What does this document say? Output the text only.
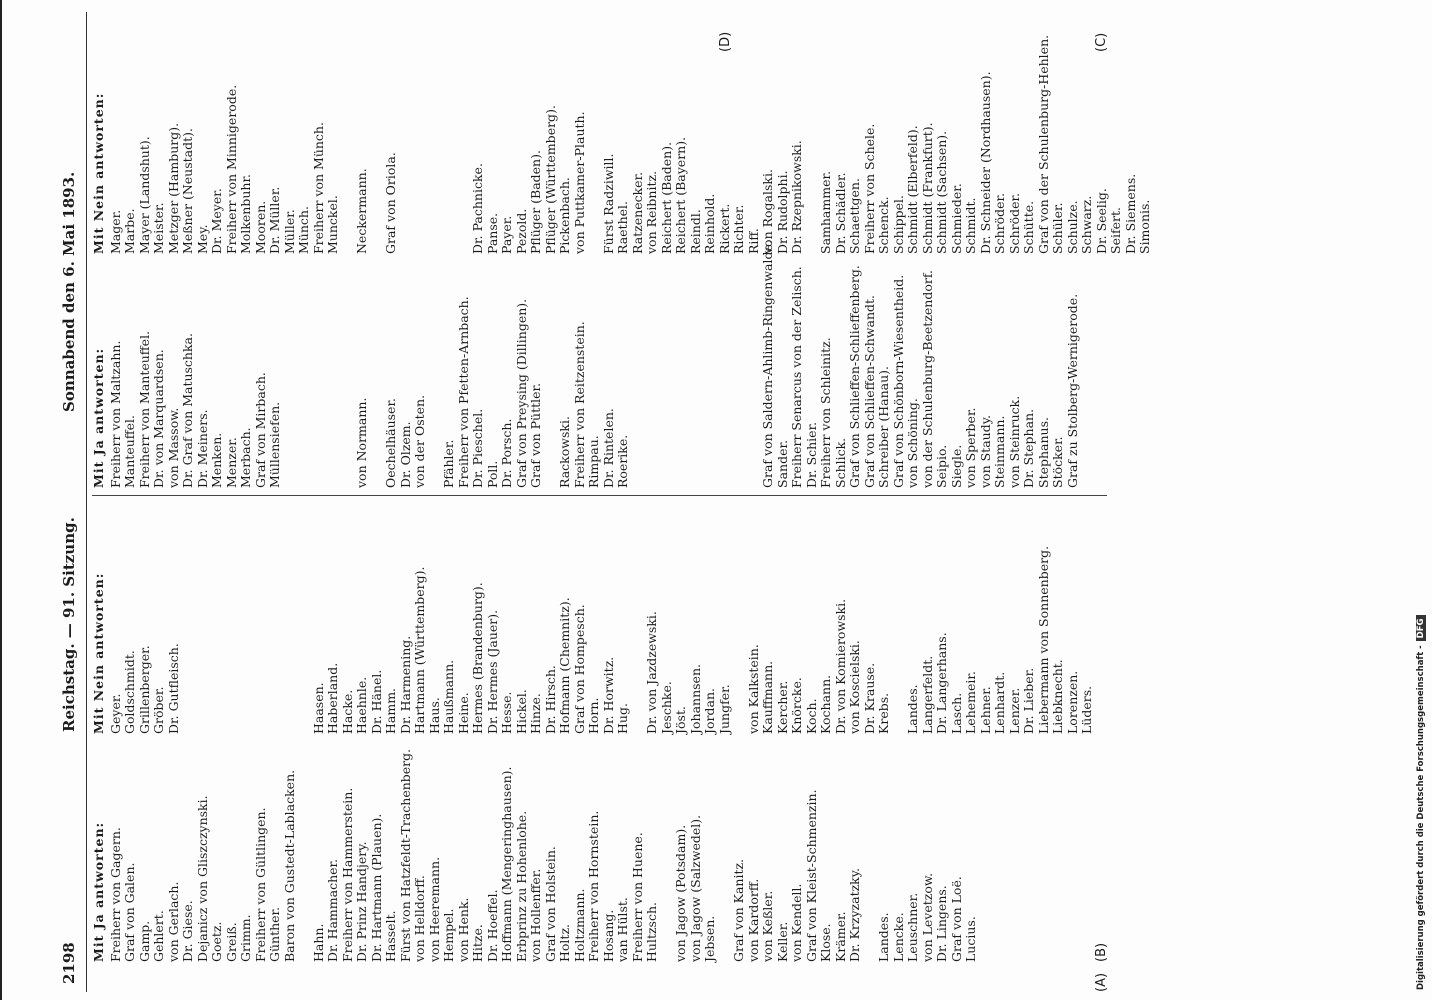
2198
Reichstag. — 91. Sitzung.
Sonnabend den 6. Mai 1893.
Mit Ja antworten: Freiherr von Gagern. Graf von Galen. Gamp. Gehlert. von Gerlach. Dr. Giese. Dejanicz von Gliszczynski. Goetz. Greiß. Grimm. Freiherr von Gültlingen. Günther. Baron von Gustedt-Lablacken. Hahn. Dr. Hammacher. Freiherr von Hammerstein. Dr. Prinz Handjery. Dr. Hartmann (Plauen). Hasselt. Fürst von Hatzfeldt-Trachenberg. von Helldorff. von Heeremann. Hempel. von Henk. Hitze. Dr. Hoeffel. Hoffmann (Mengeringhausen). Erbprinz zu Hohenlohe. von Hollenffer. Graf von Holstein. Holtz. Holtzmann. Freiherr von Hornstein. Hosang. van Hülst. Freiherr von Huene. Hultzsch. von Jagow (Potsdam). von Jagow (Salzwedel). Jebsen. Graf von Kanitz. von Kardorff. von Keßler. Keller. von Kendell. Graf von Kleist-Schmenzin. Klose. Krämer. Dr. Krzyzatzky. Landes. Lencke. Leuschner. von Levetzow. Dr. Lingens. Graf von Loë. Lucius.
Mit Nein antworten: Geyer. Goldschmidt. Grillenberger. Gröber. Dr. Gutfleisch.	Haasen. Haberland. Hacke. Haehnle. Dr. Hänel. Hamm. Dr. Harmening. Hartmann (Württemberg). Haus. Haußmann. Heine. Hermes (Brandenburg). Dr. Hermes (Jauer). Hesse. Hickel. Hinze. Dr. Hirsch. Hofmann (Chemnitz). Graf von Hompesch. Horn. Dr. Horwitz. Hug. Dr. von Jazdzewski. Jeschke. Jöst. Johannsen. Jordan. Jungfer. von Kalkstein. Kauffmann. Kercher. Knörcke. Koch. Kochann. Dr. von Komierowski. von Koscielski. Dr. Krause. Krebs. Landes. Langerfeldt. Dr. Langerhans. Lasch. Lehemeir. Lehner. Lenhardt. Lenzer. Dr. Lieber. Liebermann von Sonnenberg. Liebknecht. Lorenzen. Lüders.
Mit Ja antworten: Freiherr von Maltzahn. Manteuffel. Freiherr von Manteuffel. Dr. von Marquardsen. von Massow. Dr. Graf von Matuschka. Dr. Meiners. Menken. Menzer. Merbach. Graf von Mirbach. Müllensiefen.	von Normann. Oechelhäuser. Dr. Olzem. von der Osten. Pfähler. Freiherr von Pfetten-Arnbach. Dr. Pieschel. Poll. Dr. Porsch. Graf von Preysing (Dillingen). Graf von Püttler. Rackowski. Freiherr von Reitzenstein. Rimpau. Dr. Rintelen. Roerike.	Graf von Saldern-Ahlimb-Ringenwalde. Sander. Freiherr Senarcus von der Zelisch. Dr. Schier. Freiherr von Schleinitz. Schlick. Graf von Schlieffen-Schlieffenberg. Graf von Schlieffen-Schwandt. Schreiber (Hanau). Graf von Schönborn-Wiesentheid. von Schöning. von der Schulenburg-Beetzendorf. Seipio. Siegle. von Sperber. von Staudy. Steinmann. von Steinruck. Dr. Stephan. Stephanus. Stöcker. Graf zu Stolberg-Wernigerode.
Mit Nein antworten: Mager. Marbe. Mayer (Landshut). Meister. Metzger (Hamburg). Meßner (Neustadt). Mey. Dr. Meyer. Freiherr von Minnigerode. Molkenbuhr. Mooren. Dr. Müller. Müller. Münch. Freiherr von Münch. Munckel. Neckermann. Graf von Oriola.	Dr. Pachnicke. Panse. Payer. Pezold. Pflüger (Baden). Pflüger (Württemberg). Pickenbach. von Puttkamer-Plauth. Fürst Radziwill. Raethel. Ratzenecker. von Reibnitz. Reichert (Baden). Reichert (Bayern). Reindl. Reinhold. Rickert. Richter. Riff. von Rogalski. Dr. Rudolphi. Dr. Rzepnikowski. Samhammer. Dr. Schädler. Schaettgen. Freiherr von Schele. Schenck. Schippel. Schmidt (Elberfeld). Schmidt (Frankfurt). Schmidt (Sachsen). Schmieder. Schmidt. Dr. Schneider (Nordhausen). Schröder. Schröder. Schütte. Graf von der Schulenburg-Hehlen. Schüler. Schulze. Schwarz. Dr. Seelig. Seifert. Dr. Siemens. Simonis.
(A)
(B)
(C)
(D)
Digitalisierung gefördert durch die Deutsche Forschungsgemeinschaft -DFG
